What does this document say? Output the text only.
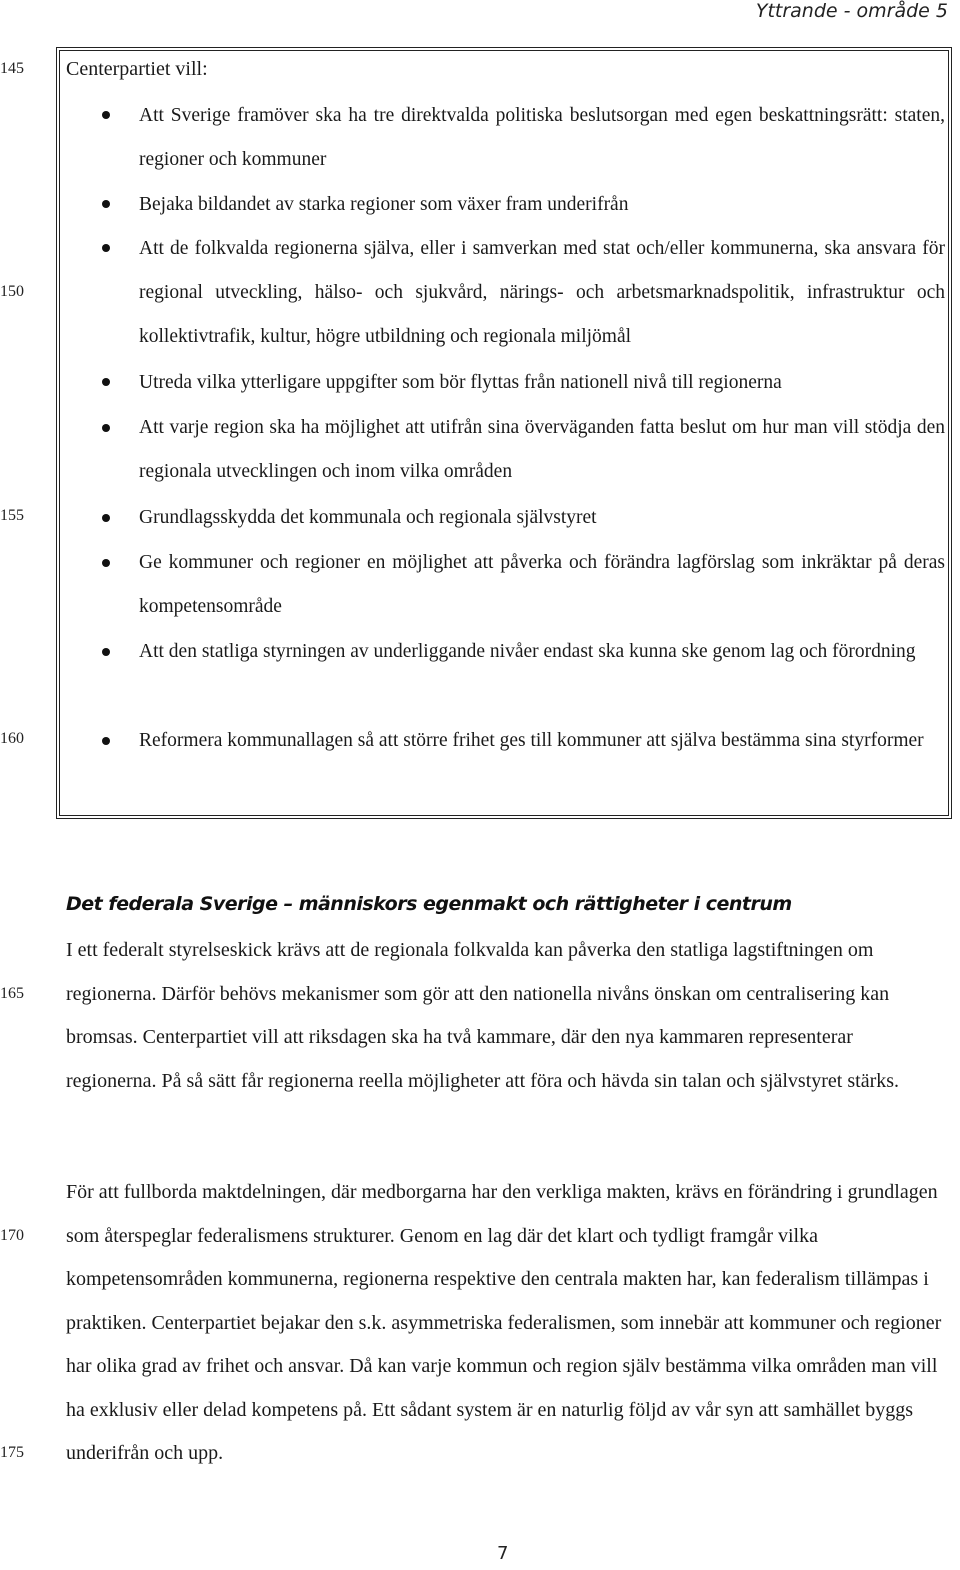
Yttrande - område 5
145
150
155
160
165
170
175
Centerpartiet vill:
Att Sverige framöver ska ha tre direktvalda politiska beslutsorgan med egen beskattningsrätt: staten, regioner och kommuner
Bejaka bildandet av starka regioner som växer fram underifrån
Att de folkvalda regionerna själva, eller i samverkan med stat och/eller kommunerna, ska ansvara för regional utveckling, hälso- och sjukvård, närings- och arbetsmarknadspolitik, infrastruktur och kollektivtrafik, kultur, högre utbildning och regionala miljömål
Utreda vilka ytterligare uppgifter som bör flyttas från nationell nivå till regionerna
Att varje region ska ha möjlighet att utifrån sina överväganden fatta beslut om hur man vill stödja den regionala utvecklingen och inom vilka områden
Grundlagsskydda det kommunala och regionala självstyret
Ge kommuner och regioner en möjlighet att påverka och förändra lagförslag som inkräktar på deras kompetensområde
Att den statliga styrningen av underliggande nivåer endast ska kunna ske genom lag och förordning
Reformera kommunallagen så att större frihet ges till kommuner att själva bestämma sina styrformer
Det federala Sverige – människors egenmakt och rättigheter i centrum
I ett federalt styrelseskick krävs att de regionala folkvalda kan påverka den statliga lagstiftningen om regionerna. Därför behövs mekanismer som gör att den nationella nivåns önskan om centralisering kan bromsas. Centerpartiet vill att riksdagen ska ha två kammare, där den nya kammaren representerar regionerna. På så sätt får regionerna reella möjligheter att föra och hävda sin talan och självstyret stärks.
För att fullborda maktdelningen, där medborgarna har den verkliga makten, krävs en förändring i grundlagen som återspeglar federalismens strukturer. Genom en lag där det klart och tydligt framgår vilka kompetensområden kommunerna, regionerna respektive den centrala makten har, kan federalism tillämpas i praktiken. Centerpartiet bejakar den s.k. asymmetriska federalismen, som innebär att kommuner och regioner har olika grad av frihet och ansvar. Då kan varje kommun och region själv bestämma vilka områden man vill ha exklusiv eller delad kompetens på. Ett sådant system är en naturlig följd av vår syn att samhället byggs underifrån och upp.
7
